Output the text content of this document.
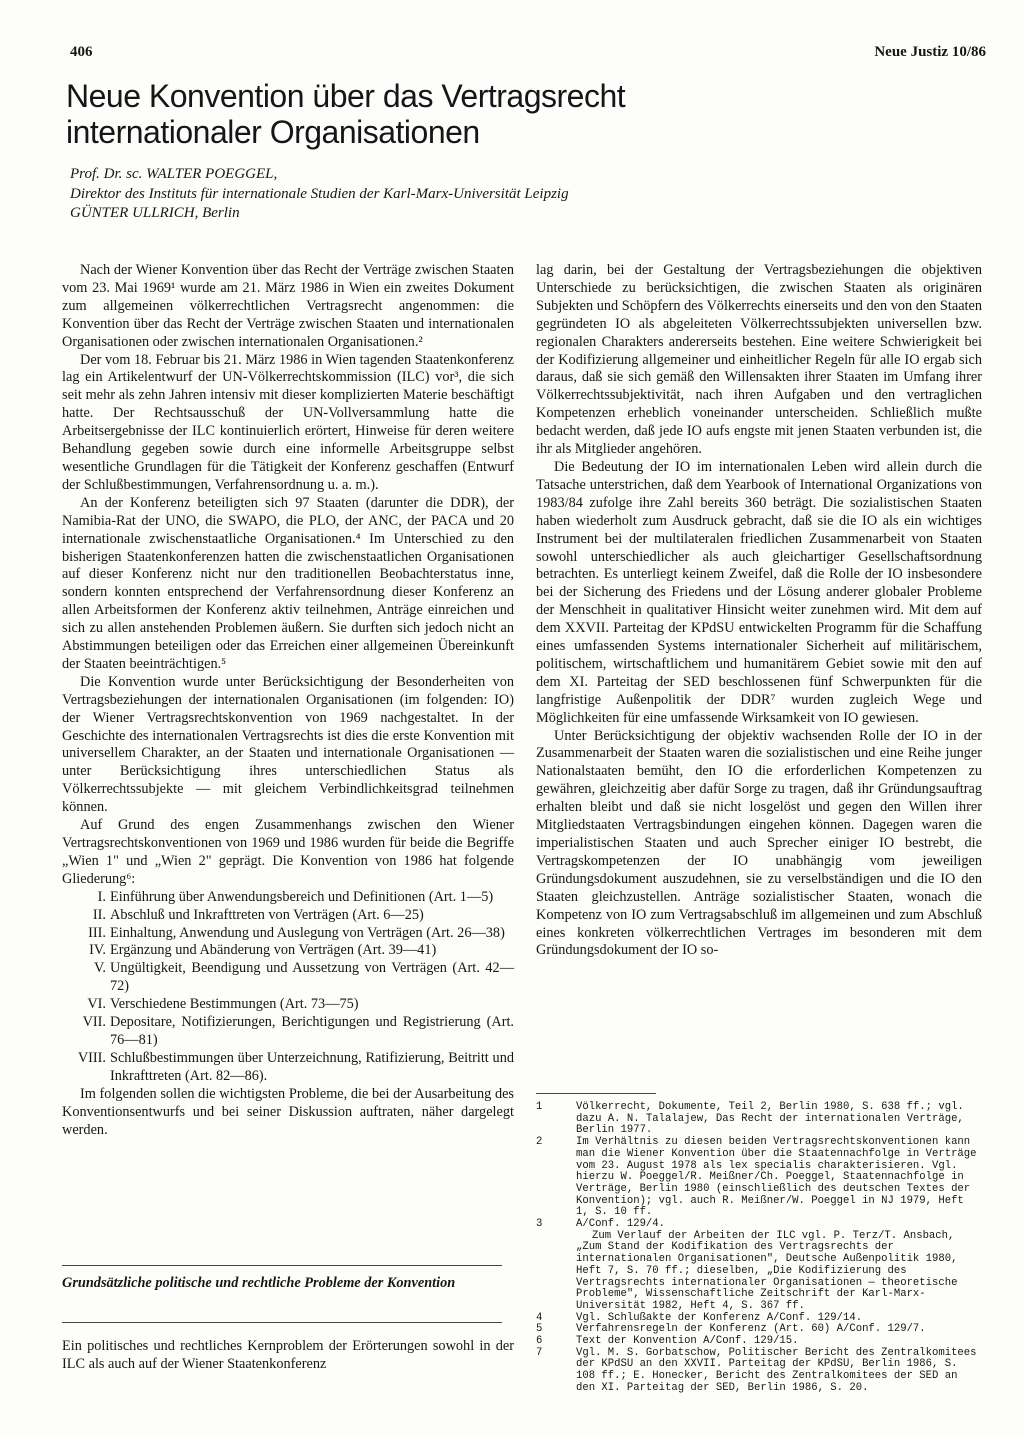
406	Neue Justiz 10/86
Neue Konvention über das Vertragsrecht
internationaler Organisationen
Prof. Dr. sc. WALTER POEGGEL,
Direktor des Instituts für internationale Studien der Karl-Marx-Universität Leipzig
GÜNTER ULLRICH, Berlin

Nach der Wiener Konvention über das Recht der Verträge zwischen Staaten vom 23. Mai 1969¹ wurde am 21. März 1986 in Wien ein zweites Dokument zum allgemeinen völkerrechtlichen Vertragsrecht angenommen: die Konvention über das Recht der Verträge zwischen Staaten und internationalen Organisationen oder zwischen internationalen Organisationen.²

Der vom 18. Februar bis 21. März 1986 in Wien tagenden Staatenkonferenz lag ein Artikelentwurf der UN-Völkerrechtskommission (ILC) vor³, die sich seit mehr als zehn Jahren intensiv mit dieser komplizierten Materie beschäftigt hatte. Der Rechtsausschuß der UN-Vollversammlung hatte die Arbeitsergebnisse der ILC kontinuierlich erörtert, Hinweise für deren weitere Behandlung gegeben sowie durch eine informelle Arbeitsgruppe selbst wesentliche Grundlagen für die Tätigkeit der Konferenz geschaffen (Entwurf der Schlußbestimmungen, Verfahrensordnung u. a. m.).

An der Konferenz beteiligten sich 97 Staaten (darunter die DDR), der Namibia-Rat der UNO, die SWAPO, die PLO, der ANC, der PACA und 20 internationale zwischenstaatliche Organisationen.⁴ Im Unterschied zu den bisherigen Staatenkonferenzen hatten die zwischenstaatlichen Organisationen auf dieser Konferenz nicht nur den traditionellen Beobachterstatus inne, sondern konnten entsprechend der Verfahrensordnung dieser Konferenz an allen Arbeitsformen der Konferenz aktiv teilnehmen, Anträge einreichen und sich zu allen anstehenden Problemen äußern. Sie durften sich jedoch nicht an Abstimmungen beteiligen oder das Erreichen einer allgemeinen Übereinkunft der Staaten beeinträchtigen.⁵

Die Konvention wurde unter Berücksichtigung der Besonderheiten von Vertragsbeziehungen der internationalen Organisationen (im folgenden: IO) der Wiener Vertragsrechtskonvention von 1969 nachgestaltet. In der Geschichte des internationalen Vertragsrechts ist dies die erste Konvention mit universellem Charakter, an der Staaten und internationale Organisationen — unter Berücksichtigung ihres unterschiedlichen Status als Völkerrechtssubjekte — mit gleichem Verbindlichkeitsgrad teilnehmen können.

Auf Grund des engen Zusammenhangs zwischen den Wiener Vertragsrechtskonventionen von 1969 und 1986 wurden für beide die Begriffe „Wien 1" und „Wien 2" geprägt. Die Konvention von 1986 hat folgende Gliederung⁶:

I. Einführung über Anwendungsbereich und Definitionen (Art. 1—5)
II. Abschluß und Inkrafttreten von Verträgen (Art. 6—25)
III. Einhaltung, Anwendung und Auslegung von Verträgen (Art. 26—38)
IV. Ergänzung und Abänderung von Verträgen (Art. 39—41)
V. Ungültigkeit, Beendigung und Aussetzung von Verträgen (Art. 42—72)
VI. Verschiedene Bestimmungen (Art. 73—75)
VII. Depositare, Notifizierungen, Berichtigungen und Registrierung (Art. 76—81)
VIII. Schlußbestimmungen über Unterzeichnung, Ratifizierung, Beitritt und Inkrafttreten (Art. 82—86).

Im folgenden sollen die wichtigsten Probleme, die bei der Ausarbeitung des Konventionsentwurfs und bei seiner Diskussion auftraten, näher dargelegt werden.

Grundsätzliche politische und rechtliche Probleme der Konvention
Ein politisches und rechtliches Kernproblem der Erörterungen sowohl in der ILC als auch auf der Wiener Staatenkonferenz

lag darin, bei der Gestaltung der Vertragsbeziehungen die objektiven Unterschiede zu berücksichtigen, die zwischen Staaten als originären Subjekten und Schöpfern des Völkerrechts einerseits und den von den Staaten gegründeten IO als abgeleiteten Völkerrechtssubjekten universellen bzw. regionalen Charakters andererseits bestehen. Eine weitere Schwierigkeit bei der Kodifizierung allgemeiner und einheitlicher Regeln für alle IO ergab sich daraus, daß sie sich gemäß den Willensakten ihrer Staaten im Umfang ihrer Völkerrechtssubjektivität, nach ihren Aufgaben und den vertraglichen Kompetenzen erheblich voneinander unterscheiden. Schließlich mußte bedacht werden, daß jede IO aufs engste mit jenen Staaten verbunden ist, die ihr als Mitglieder angehören.

Die Bedeutung der IO im internationalen Leben wird allein durch die Tatsache unterstrichen, daß dem Yearbook of International Organizations von 1983/84 zufolge ihre Zahl bereits 360 beträgt. Die sozialistischen Staaten haben wiederholt zum Ausdruck gebracht, daß sie die IO als ein wichtiges Instrument bei der multilateralen friedlichen Zusammenarbeit von Staaten sowohl unterschiedlicher als auch gleichartiger Gesellschaftsordnung betrachten. Es unterliegt keinem Zweifel, daß die Rolle der IO insbesondere bei der Sicherung des Friedens und der Lösung anderer globaler Probleme der Menschheit in qualitativer Hinsicht weiter zunehmen wird. Mit dem auf dem XXVII. Parteitag der KPdSU entwickelten Programm für die Schaffung eines umfassenden Systems internationaler Sicherheit auf militärischem, politischem, wirtschaftlichem und humanitärem Gebiet sowie mit den auf dem XI. Parteitag der SED beschlossenen fünf Schwerpunkten für die langfristige Außenpolitik der DDR⁷ wurden zugleich Wege und Möglichkeiten für eine umfassende Wirksamkeit von IO gewiesen.

Unter Berücksichtigung der objektiv wachsenden Rolle der IO in der Zusammenarbeit der Staaten waren die sozialistischen und eine Reihe junger Nationalstaaten bemüht, den IO die erforderlichen Kompetenzen zu gewähren, gleichzeitig aber dafür Sorge zu tragen, daß ihr Gründungsauftrag erhalten bleibt und daß sie nicht losgelöst und gegen den Willen ihrer Mitgliedstaaten Vertragsbindungen eingehen können. Dagegen waren die imperialistischen Staaten und auch Sprecher einiger IO bestrebt, die Vertragskompetenzen der IO unabhängig vom jeweiligen Gründungsdokument auszudehnen, sie zu verselbständigen und die IO den Staaten gleichzustellen. Anträge sozialistischer Staaten, wonach die Kompetenz von IO zum Vertragsabschluß im allgemeinen und zum Abschluß eines konkreten völkerrechtlichen Vertrages im besonderen mit dem Gründungsdokument der IO so-

1	Völkerrecht, Dokumente, Teil 2, Berlin 1980, S. 638 ff.; vgl. dazu A. N. Talalajew, Das Recht der internationalen Verträge, Berlin 1977.
2	Im Verhältnis zu diesen beiden Vertragsrechtskonventionen kann man die Wiener Konvention über die Staatennachfolge in Verträge vom 23. August 1978 als lex specialis charakterisieren. Vgl. hierzu W. Poeggel/R. Meißner/Ch. Poeggel, Staatennachfolge in Verträge, Berlin 1980 (einschließlich des deutschen Textes der Konvention); vgl. auch R. Meißner/W. Poeggel in NJ 1979, Heft 1, S. 10 ff.
3	A/Conf. 129/4.
Zum Verlauf der Arbeiten der ILC vgl. P. Terz/T. Ansbach, „Zum Stand der Kodifikation des Vertragsrechts der internationalen Organisationen", Deutsche Außenpolitik 1980, Heft 7, S. 70 ff.; dieselben, „Die Kodifizierung des Vertragsrechts internationaler Organisationen — theoretische Probleme", Wissenschaftliche Zeitschrift der Karl-Marx-Universität 1982, Heft 4, S. 367 ff.
4	Vgl. Schlußakte der Konferenz A/Conf. 129/14.
5	Verfahrensregeln der Konferenz (Art. 60) A/Conf. 129/7.
6	Text der Konvention A/Conf. 129/15.
7	Vgl. M. S. Gorbatschow, Politischer Bericht des Zentralkomitees der KPdSU an den XXVII. Parteitag der KPdSU, Berlin 1986, S. 108 ff.; E. Honecker, Bericht des Zentralkomitees der SED an den XI. Parteitag der SED, Berlin 1986, S. 20.
